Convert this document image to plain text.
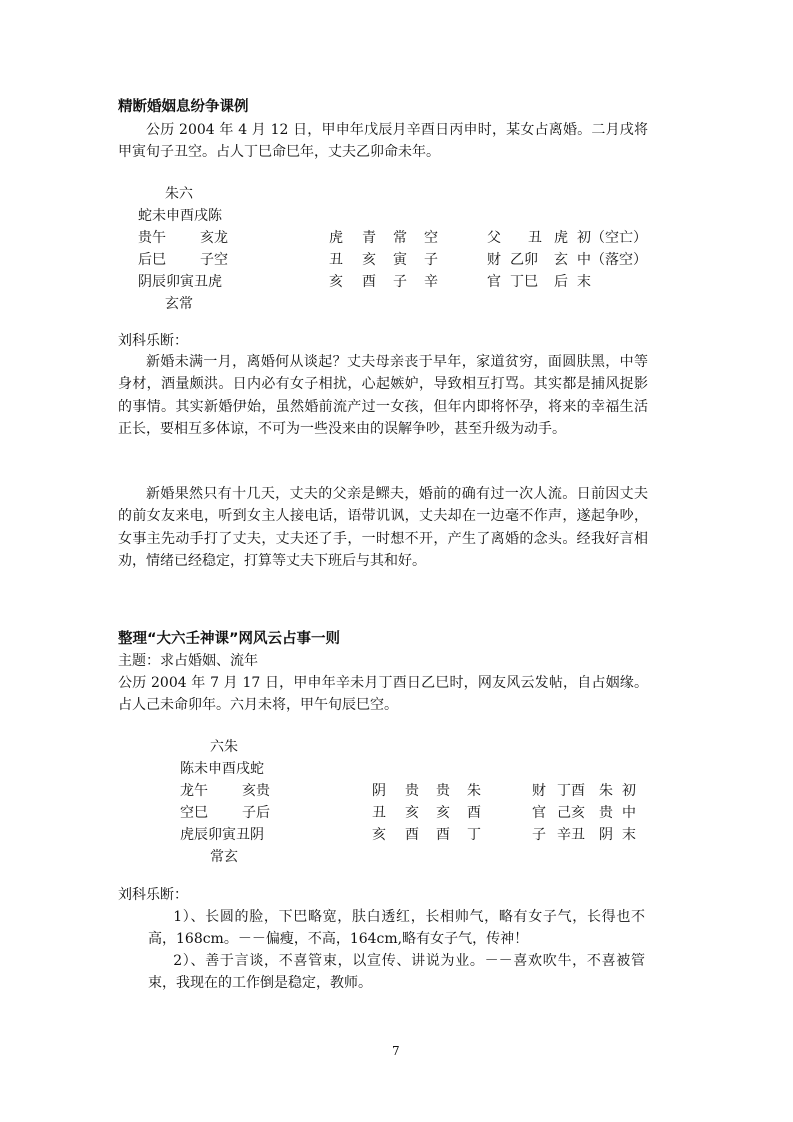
精断婚姻息纷争课例
公历 2004 年 4 月 12 日，甲申年戊辰月辛酉日丙申时，某女占离婚。二月戌将甲寅旬子丑空。占人丁巳命巳年，丈夫乙卯命未年。
朱六
蛇未申酉戌陈
贵午 亥龙
后巳 子空
阴辰卯寅丑虎
玄常
虎 青 常 空
丑 亥 寅 子
亥 酉 子 辛
父 丑 虎 初（空亡）
财 乙卯 玄 中（落空）
官 丁巳 后 末
刘科乐断：
新婚未满一月，离婚何从谈起？丈夫母亲丧于早年，家道贫穷，面圆肤黑，中等身材，酒量颇洪。日内必有女子相扰，心起嫉妒，导致相互打骂。其实都是捕风捉影的事情。其实新婚伊始，虽然婚前流产过一女孩，但年内即将怀孕，将来的幸福生活正长，要相互多体谅，不可为一些没来由的误解争吵，甚至升级为动手。
新婚果然只有十几天，丈夫的父亲是鳏夫，婚前的确有过一次人流。日前因丈夫的前女友来电，听到女主人接电话，语带讥讽，丈夫却在一边毫不作声，遂起争吵，女事主先动手打了丈夫，丈夫还了手，一时想不开，产生了离婚的念头。经我好言相劝，情绪已经稳定，打算等丈夫下班后与其和好。
整理“大六壬神课”网风云占事一则
主题：求占婚姻、流年
公历 2004 年 7 月 17 日，甲申年辛未月丁酉日乙巳时，网友风云发帖，自占姻缘。占人己未命卯年。六月未将，甲午旬辰巳空。
六朱
陈未申酉戌蛇
龙午 亥贵
空巳 子后
虎辰卯寅丑阴
常玄
阴 贵 贵 朱
丑 亥 亥 酉
亥 酉 酉 丁
财 丁酉 朱 初
官 己亥 贵 中
子 辛丑 阴 末
刘科乐断：
1）、长圆的脸，下巴略宽，肤白透红，长相帅气，略有女子气，长得也不高，168cm。－－偏瘦，不高，164cm,略有女子气，传神！
2）、善于言谈，不喜管束，以宣传、讲说为业。－－喜欢吹牛，不喜被管束，我现在的工作倒是稳定，教师。
7
